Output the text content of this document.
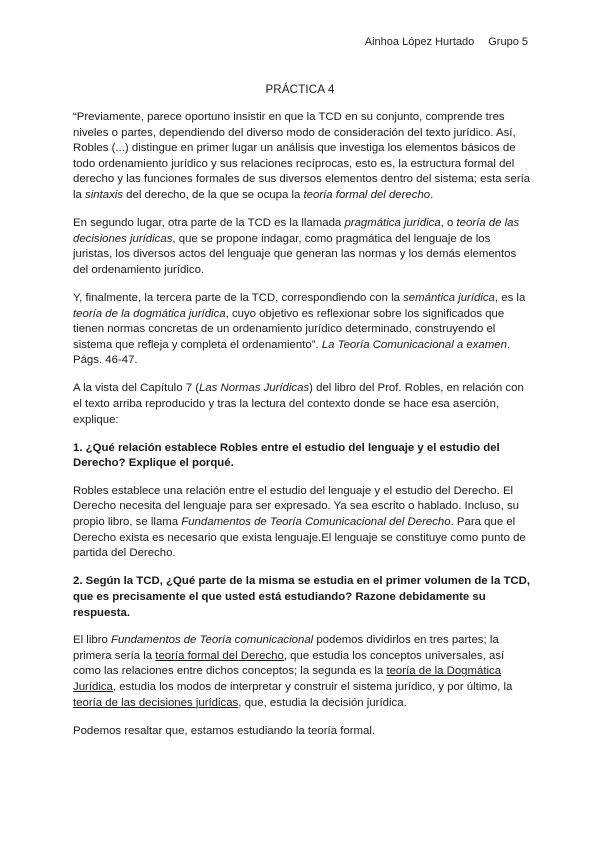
Ainhoa López Hurtado Grupo 5
PRÁCTICA 4

“Previamente, parece oportuno insistir en que la TCD en su conjunto, comprende tres niveles o partes, dependiendo del diverso modo de consideración del texto jurídico. Así, Robles (...) distingue en primer lugar un análisis que investiga los elementos básicos de todo ordenamiento jurídico y sus relaciones recíprocas, esto es, la estructura formal del derecho y las funciones formales de sus diversos elementos dentro del sistema; esta sería la sintaxis del derecho, de la que se ocupa la teoría formal del derecho.

En segundo lugar, otra parte de la TCD es la llamada pragmática jurídica, o teoría de las decisiones jurídicas, que se propone indagar, como pragmática del lenguaje de los juristas, los diversos actos del lenguaje que generan las normas y los demás elementos del ordenamiento jurídico.

Y, finalmente, la tercera parte de la TCD, correspondiendo con la semántica jurídica, es la teoría de la dogmática jurídica, cuyo objetivo es reflexionar sobre los significados que tienen normas concretas de un ordenamiento jurídico determinado, construyendo el sistema que refleja y completa el ordenamiento”. La Teoría Comunicacional a examen. Págs. 46-47.

A la vista del Capítulo 7 (Las Normas Jurídicas) del libro del Prof. Robles, en relación con el texto arriba reproducido y tras la lectura del contexto donde se hace esa aserción, explique:

1. ¿Qué relación establece Robles entre el estudio del lenguaje y el estudio del Derecho? Explique el porqué.

Robles establece una relación entre el estudio del lenguaje y el estudio del Derecho. El Derecho necesita del lenguaje para ser expresado. Ya sea escrito o hablado. Incluso, su propio libro, se llama Fundamentos de Teoría Comunicacional del Derecho. Para que el Derecho exista es necesario que exista lenguaje.El lenguaje se constituye como punto de partida del Derecho.

2. Según la TCD, ¿Qué parte de la misma se estudia en el primer volumen de la TCD, que es precisamente el que usted está estudiando? Razone debidamente su respuesta.

El libro Fundamentos de Teoría comunicacional podemos dividirlos en tres partes; la primera sería la teoría formal del Derecho, que estudia los conceptos universales, así como las relaciones entre dichos conceptos; la segunda es la teoría de la Dogmática Jurídica, estudia los modos de interpretar y construir el sistema jurídico, y por último, la teoría de las decisiones jurídicas, que, estudia la decisión jurídica.

Podemos resaltar que, estamos estudiando la teoría formal.
